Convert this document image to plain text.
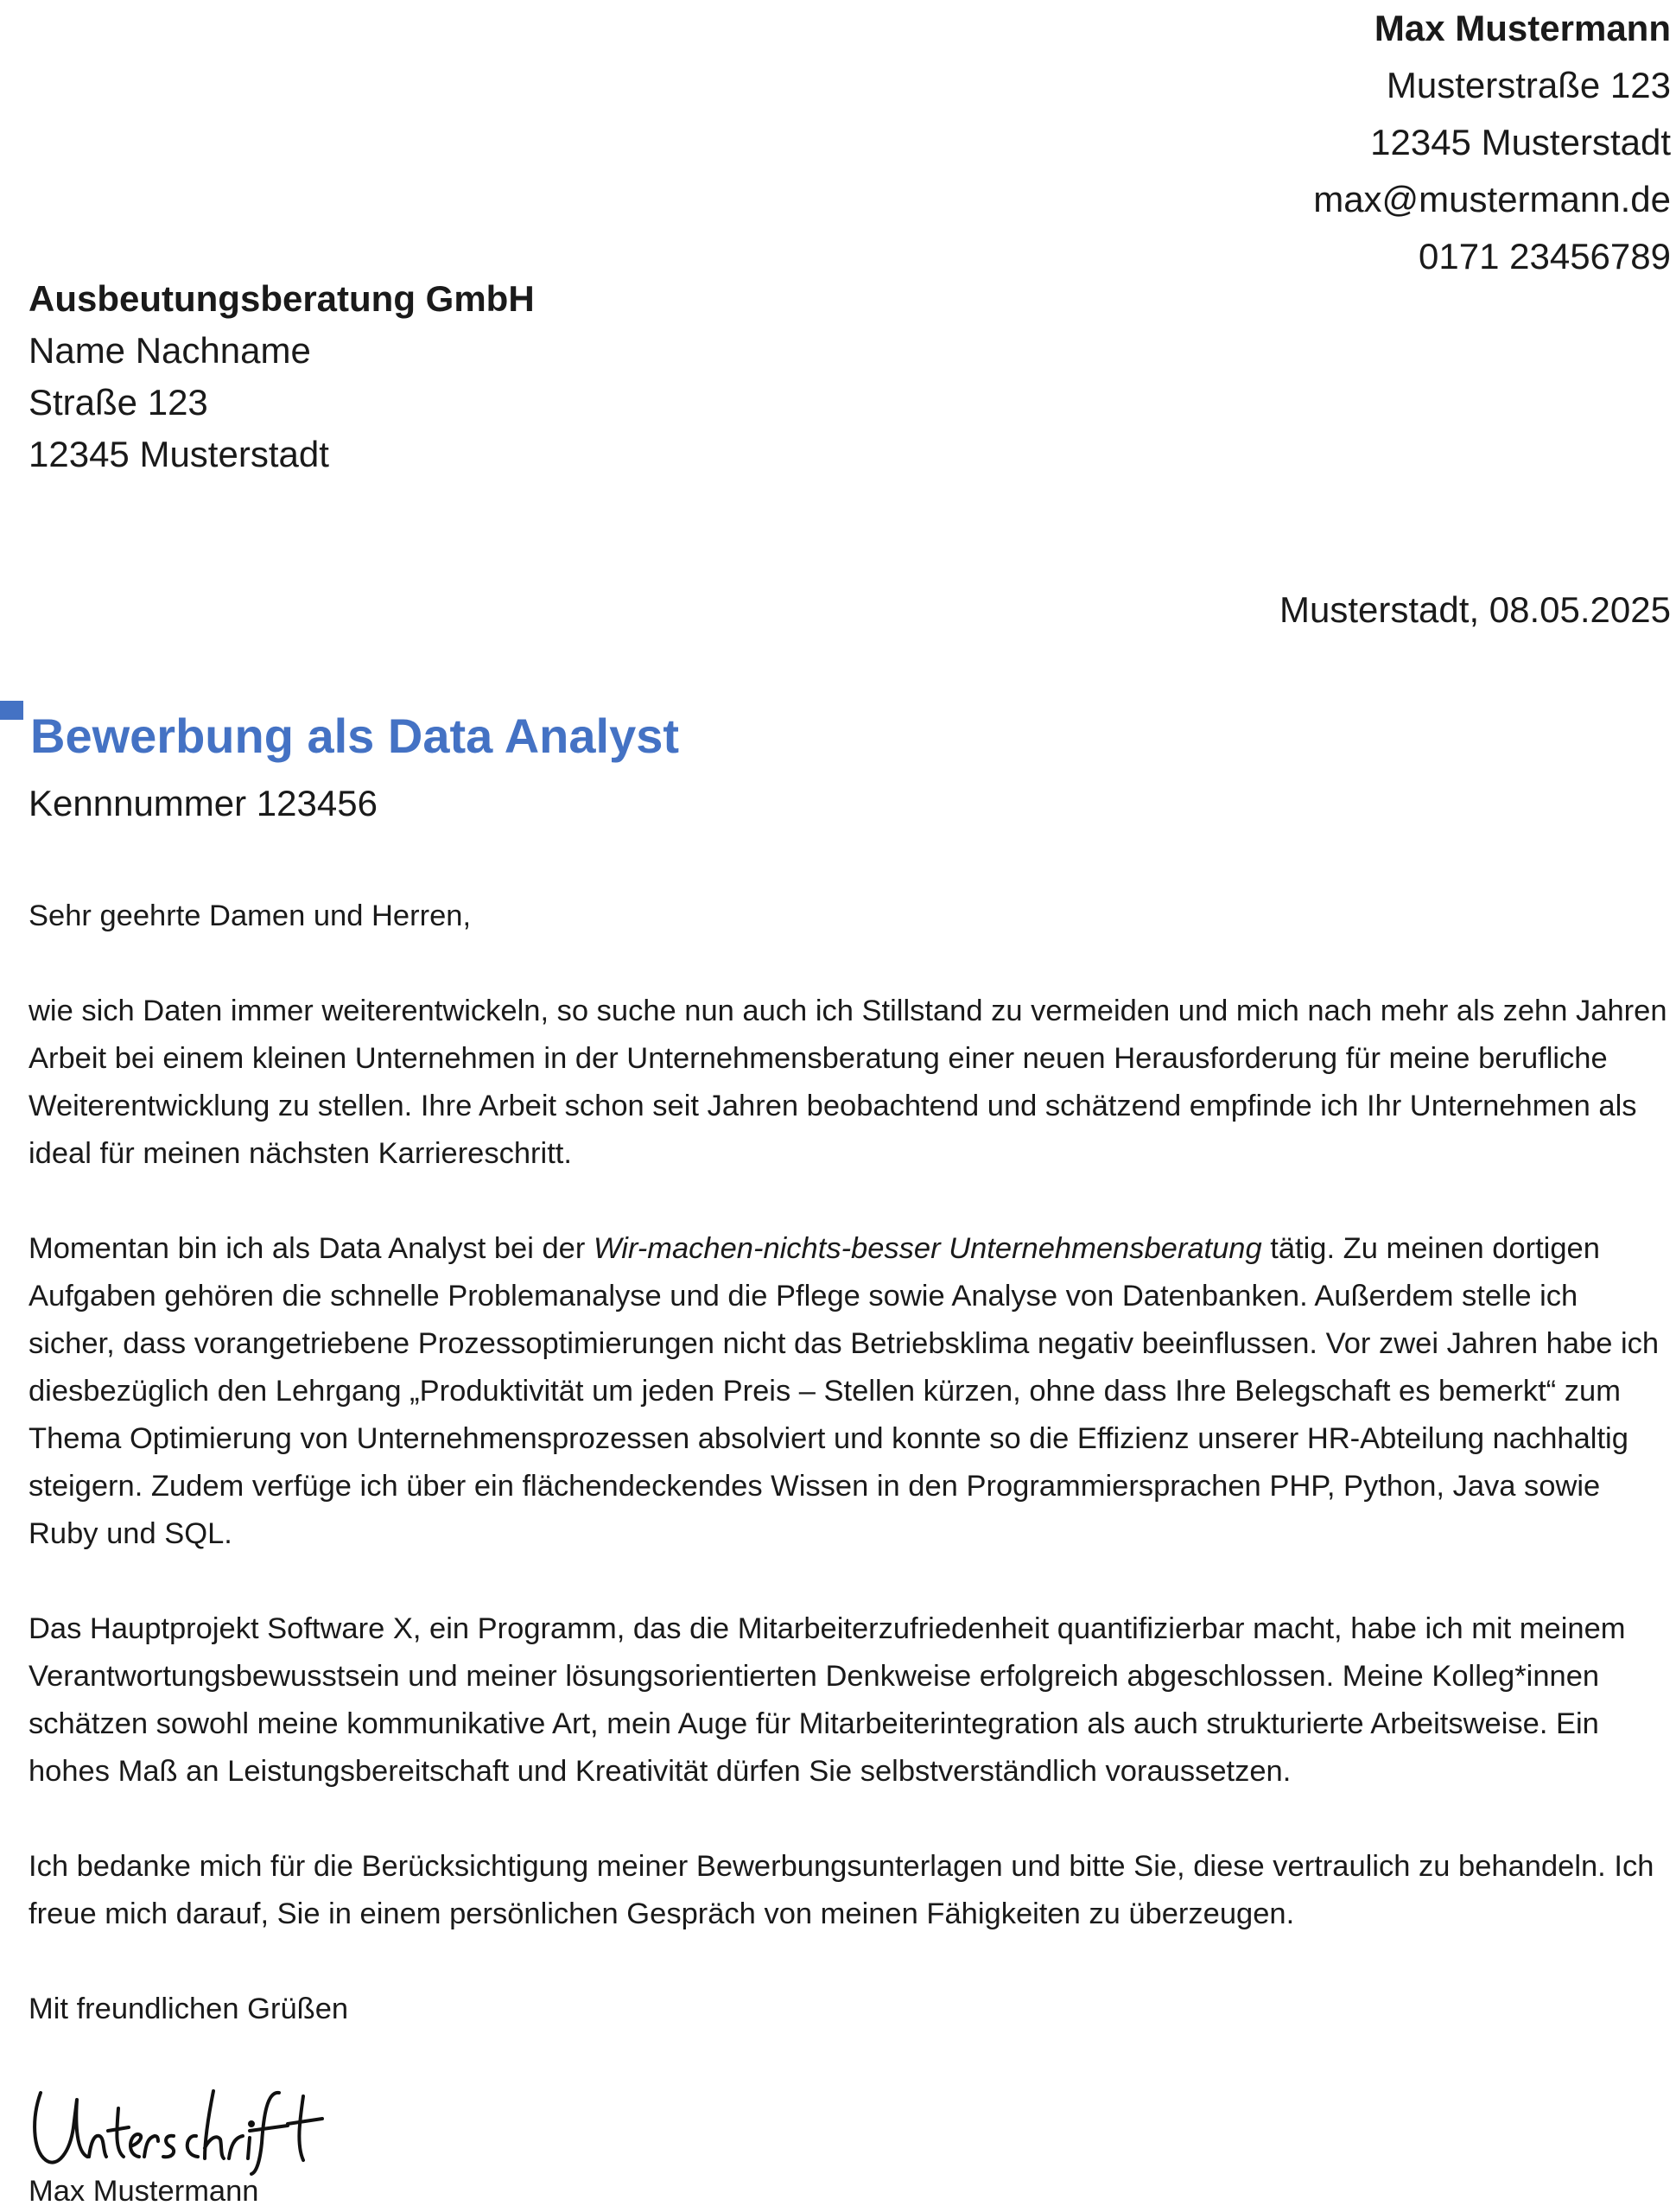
Max Mustermann
Musterstraße 123
12345 Musterstadt
max@mustermann.de
0171 23456789
Ausbeutungsberatung GmbH
Name Nachname
Straße 123
12345 Musterstadt
Musterstadt, 08.05.2025
Bewerbung als Data Analyst
Kennnummer 123456

Sehr geehrte Damen und Herren,

wie sich Daten immer weiterentwickeln, so suche nun auch ich Stillstand zu vermeiden und mich nach mehr als zehn Jahren Arbeit bei einem kleinen Unternehmen in der Unternehmensberatung einer neuen Herausforderung für meine berufliche Weiterentwicklung zu stellen. Ihre Arbeit schon seit Jahren beobachtend und schätzend empfinde ich Ihr Unternehmen als ideal für meinen nächsten Karriereschritt.

Momentan bin ich als Data Analyst bei der Wir-machen-nichts-besser Unternehmensberatung tätig. Zu meinen dortigen Aufgaben gehören die schnelle Problemanalyse und die Pflege sowie Analyse von Datenbanken. Außerdem stelle ich sicher, dass vorangetriebene Prozessoptimierungen nicht das Betriebsklima negativ beeinflussen. Vor zwei Jahren habe ich diesbezüglich den Lehrgang „Produktivität um jeden Preis – Stellen kürzen, ohne dass Ihre Belegschaft es bemerkt“ zum Thema Optimierung von Unternehmensprozessen absolviert und konnte so die Effizienz unserer HR-Abteilung nachhaltig steigern. Zudem verfüge ich über ein flächendeckendes Wissen in den Programmiersprachen PHP, Python, Java sowie Ruby und SQL.

Das Hauptprojekt Software X, ein Programm, das die Mitarbeiterzufriedenheit quantifizierbar macht, habe ich mit meinem Verantwortungsbewusstsein und meiner lösungsorientierten Denkweise erfolgreich abgeschlossen. Meine Kolleg*innen schätzen sowohl meine kommunikative Art, mein Auge für Mitarbeiterintegration als auch strukturierte Arbeitsweise. Ein hohes Maß an Leistungsbereitschaft und Kreativität dürfen Sie selbstverständlich voraussetzen.

Ich bedanke mich für die Berücksichtigung meiner Bewerbungsunterlagen und bitte Sie, diese vertraulich zu behandeln. Ich freue mich darauf, Sie in einem persönlichen Gespräch von meinen Fähigkeiten zu überzeugen.

Mit freundlichen Grüßen

Max Mustermann
